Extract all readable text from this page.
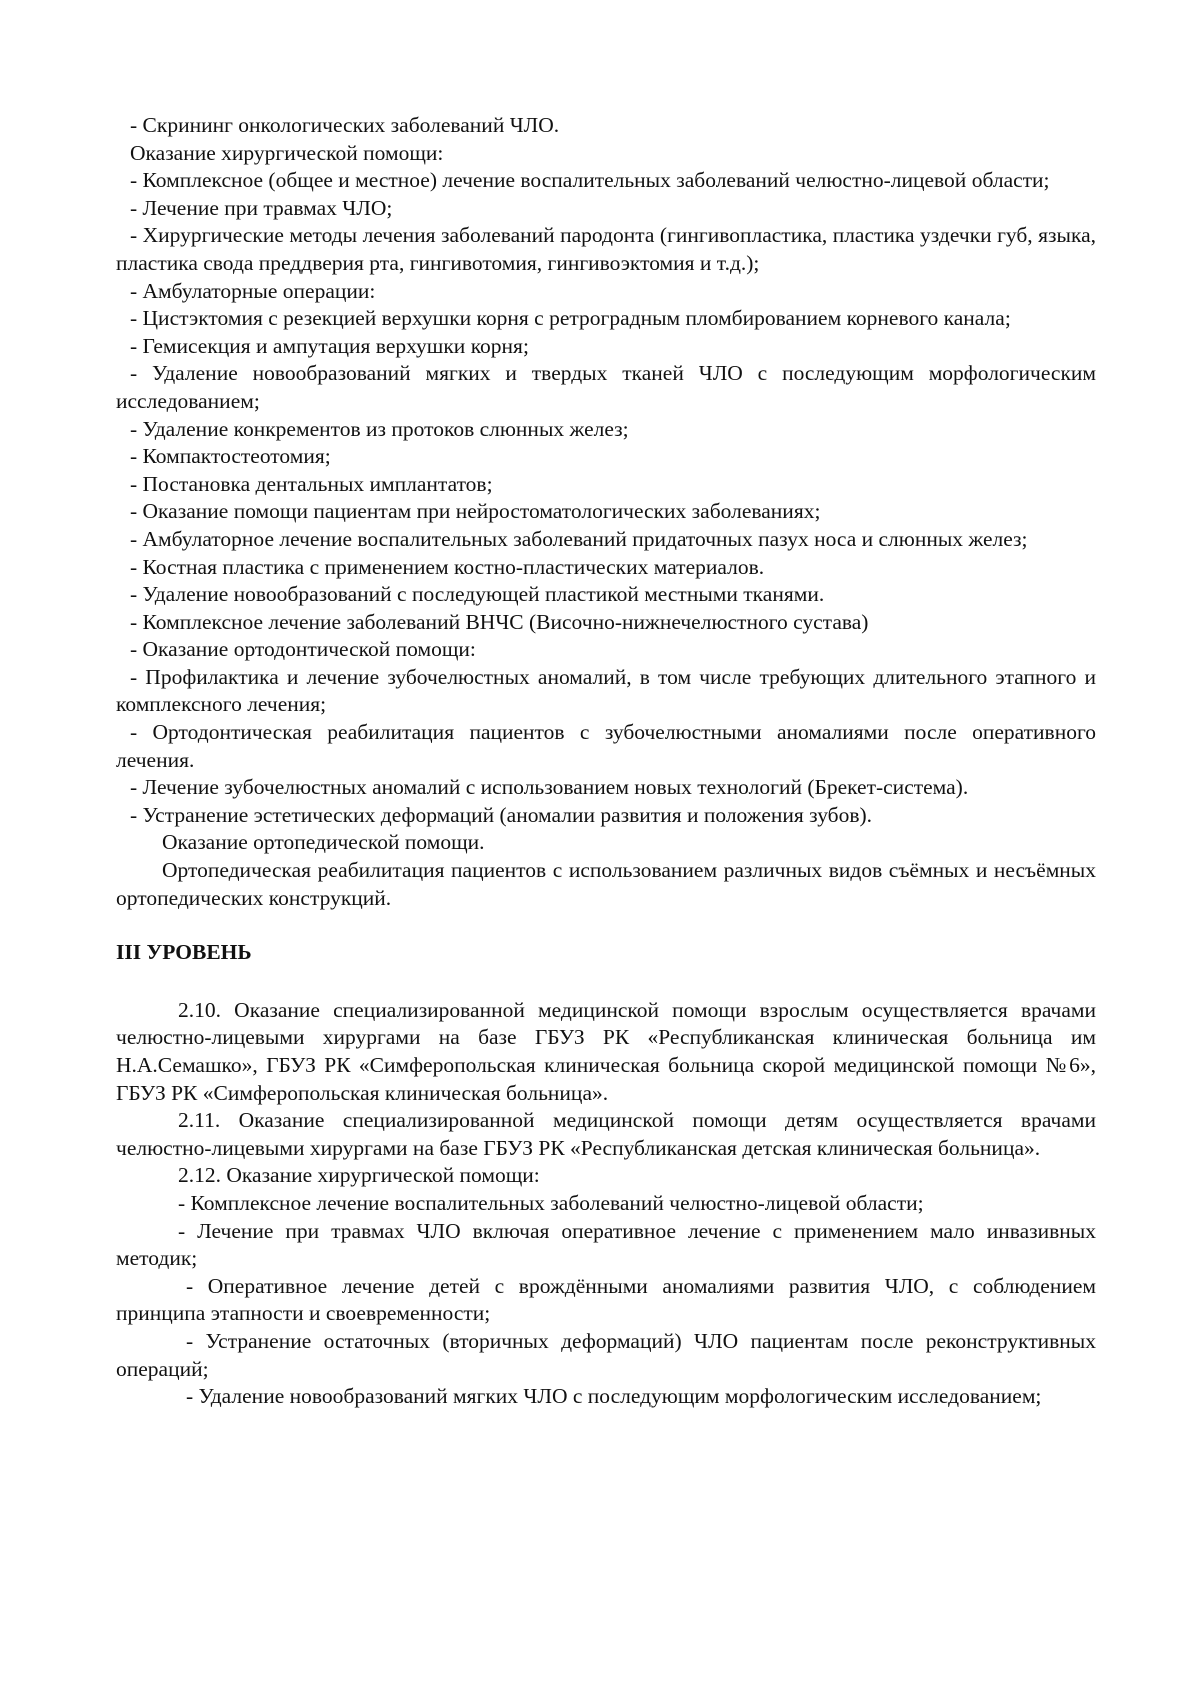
- Скрининг онкологических заболеваний ЧЛО.

Оказание хирургической помощи:

- Комплексное (общее и местное) лечение воспалительных заболеваний челюстно-лицевой области;

- Лечение при травмах ЧЛО;

- Хирургические методы лечения заболеваний пародонта (гингивопластика, пластика уздечки губ, языка, пластика свода преддверия рта, гингивотомия, гингивоэктомия и т.д.);

- Амбулаторные операции:

- Цистэктомия с резекцией верхушки корня с ретроградным пломбированием корневого канала;

- Гемисекция и ампутация верхушки корня;

- Удаление новообразований мягких и твердых тканей ЧЛО с последующим морфологическим исследованием;

- Удаление конкрементов из протоков слюнных желез;

- Компактостеотомия;

- Постановка дентальных имплантатов;

- Оказание помощи пациентам при нейростоматологических заболеваниях;

- Амбулаторное лечение воспалительных заболеваний придаточных пазух носа и слюнных желез;

- Костная пластика с применением костно-пластических материалов.

- Удаление новообразований с последующей пластикой местными тканями.

- Комплексное лечение заболеваний ВНЧС (Височно-нижнечелюстного сустава)

- Оказание ортодонтической помощи:

- Профилактика и лечение зубочелюстных аномалий, в том числе требующих длительного этапного и комплексного лечения;

- Ортодонтическая реабилитация пациентов с зубочелюстными аномалиями после оперативного лечения.

- Лечение зубочелюстных аномалий с использованием новых технологий (Брекет-система).

- Устранение эстетических деформаций (аномалии развития и положения зубов).

Оказание ортопедической помощи.

Ортопедическая реабилитация пациентов с использованием различных видов съёмных и несъёмных ортопедических конструкций.

III УРОВЕНЬ

2.10. Оказание специализированной медицинской помощи взрослым осуществляется врачами челюстно-лицевыми хирургами на базе ГБУЗ РК «Республиканская клиническая больница им Н.А.Семашко», ГБУЗ РК «Симферопольская клиническая больница скорой медицинской помощи №6», ГБУЗ РК «Симферопольская клиническая больница».

2.11. Оказание специализированной медицинской помощи детям осуществляется врачами челюстно-лицевыми хирургами на базе ГБУЗ РК «Республиканская детская клиническая больница».

2.12. Оказание хирургической помощи:

- Комплексное лечение воспалительных заболеваний челюстно-лицевой области;

- Лечение при травмах ЧЛО включая оперативное лечение с применением мало инвазивных методик;

- Оперативное лечение детей с врождёнными аномалиями развития ЧЛО, с соблюдением принципа этапности и своевременности;

- Устранение остаточных (вторичных деформаций) ЧЛО пациентам после реконструктивных операций;

- Удаление новообразований мягких ЧЛО с последующим морфологическим исследованием;
